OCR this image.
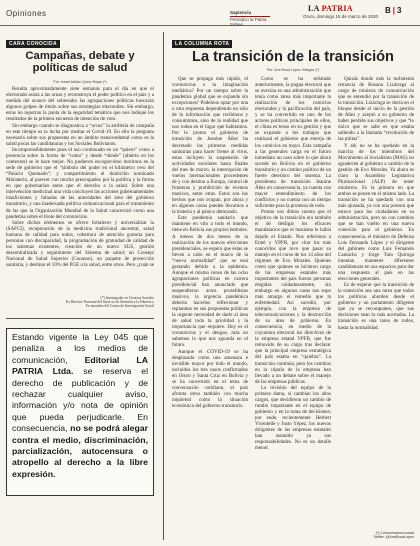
Opiniones	Sapiencia
Periodico la Patria Sabes
LA PATRIA
Oruro, domingo 15 de marzo de 2020
B | 3
CARA CONOCIDA
Campañas, debate y políticas de salud
Por: Israel Adrián Quino Rojas (*)

Resulta aproximadamente siete semanas para el día en que el electorado asista a las urnas y reconstruya el poder político en el país y a medida del avance del sobresalto las agrupaciones políticas buscarán algunos golpes de timón sobre sus estrategias electorales. Sin embargo, estas no reportan la pauta de la seguridad temática que nos indique los resultados de la primera encuesta de intención de voto.

Sin embargo cuando se diagnostica a “orcus” la artillería de campaña en este tiempo es la lucha por mediar el Covid-19. En ello la pregunta necesaria sobre sus propuestas en un ámbito transcendental como es la salud pocas las candidaturas y los Sociales Bolivianos.

Incomprensiblemente pues el uso continuado en un “quiero” como a presencia sobre la forma de “como” y desde “dónde” (abierto en los contextos) se le hace mejor. No pudieron escogercómo morimos en la sede de gobierno que el “símbolo del poder en el kilómetro cero del “Palacio Quemado”; y compartimiento el domicilio nominado Ministerio, al parecer con mucho preocupados por la política y la forma en que gobernarían antes que el derecho a la salud. Sobre una intervención medicinal una vida concluyen las acciones gubernamentales insuficientes y faltadas de las autoridades del área del gobierno transitorio, y una inadecuada política comunicacional para el tratamiento de las que la Organización Mundial de la Salud caracterizó como una pandemia sobre el brote del coronavirus.

Sobre dichos elementos se ofrece fortalecer y universalizar la (SAFCI), recuperación de la medicina tradicional ancestral, salud humana de calidad para todos, cobertura de atención gratuita para personas con discapacidad, la programación de gratuidad de calidad de los sistemas existentes, creación de un nuevo SUS, gestión descentralizada y seguimiento del Sistema de salud; un Consejo Nacional de Salud Superior (Conasso), un paquete de protección sanitaria, y destinar el 10% del PGE a la salud, entre otros. Pero ¿cuán se

(*) Investigador en Ciencias Sociales
Ex Director Nacional del Servicio de Atención a la Pobreza y
Ex miembro del Centro de Investigación Social

Estando vigente la Ley 045 que penaliza a los medios de comunicación, Editorial LA PATRIA Ltda. se reserva el derecho de publicación y de rechazar cualquier aviso, información y/o nota de opinión que pueda perjudicarle. En consecuencia, no se podrá alegar contra el medio, discriminación, parcialización, autocensura o atropello al derecho a la libre expresión.

LA COLUMNA ROTA
La transición de la transición
Por: Ana Rosa López Villegas (*)

Que se propaga más rápido, el coronavirus o la imaginación mediática? Por un tiempo sobre la pandemia global que se expande sin excepciones? Podemos optar por una u otra respuesta dependiendo no sólo de la información que recibimos y consumimos, sino de la realidad que nos rodea en el lugar que habitamos. Por lo pronto el gobierno de transición de Jeanine Áñez ha decretado las primeras medidas sanitarias para hacer frente al virus, estas incluyen la suspensión de actividades escolares hasta finales del mes de marzo, la interrupción de vuelos internacionales procedentes de y con destino a Europa, control de fronteras y prohibición de eventos masivos, entre otras. Estos son los hechos que nos ocupan, por ahora y en algunos casos pueden llevarnos a la histeria y al pánico demorado.

Este pandemia sanitario que mantiene en vilo a todo el mundo, tiene en Bolivia sus propios bemoles. A menos de dos meses de la realización de los nuevos elecciones presidenciales, se espera que éstas se lleven a cabo en el marco de la “nueva normalidad” que se está gestando debido a la epidemia. Aunque el mismo censo de las ocho agrupaciones políticas en carrera presidencial han anunciado que suspendieron actos proselitistas masivos, la urgencia pandémica debería hacerles reflexionar y replantear en sus propuestas políticas la urgente necesidad de darle al área de salud toda la prioridad y la importancia que requiere. Hoy es el coronavirus y el dengue, más no sabemos lo que nos aguarda en el futuro.

Aunque el COVID-19 se ha desplazado como una amenaza e invisible mayor por todo el mundo, incluidos los tres casos confirmados en Oruro y Santa Cruz en Bolivia y se ha convertido en el tema de conversación cotidiano, el país afronta otros también con mucha inquietud como la situación económica del gobierno transitorio.

Como se ha señalado anteriormente, la pugna electoral que se avecina es una administración que tenía como tarea más importante la realización de los comicios electorales y la pacificación del país, y se ha convertido en uno de los actores políticos principales de ellos, el clima es tenso en su gestión y que se expande a los trabajos que realizará el gobierno que emerja de los comicios en mayo. Esta campaña a las generales carga en el futuro inmediato un caso sobre lo que ahora sucede en Bolivia en el gobierno transitorio y un camino político de un fuerte deterioro del sistema. La presidenta de transición Jeanine Áñez en consecuencia, ya cuenta con mayor entendimiento de los conflictos y no cuenta con un tiempo suficiente para la promesa de todo.

Pronto nos dimos cuenta que el objetivo de la transición era también el de desligar los eficaces mandatarios que el masismo le había dejado el Estado. Nos referimos a Entel y YPFB, por citar los más conocidos que tuvo que pasar su manejo en el curso de los 14 años del régimen de Evo Morales. Quienes creen que quienes se hicieron cargo de las empresas estatales más importantes del país fueron personas elegidas cuidadosamente, sin embargo en algunos casos nos supo más amargo el remedio que la enfermedad. Así sucedió, por ejemplo, con la empresa de telecomunicaciones y la destrucción de su área de gobierno. En consecuencia, en medio de la coyuntura electoral los directivos de la empresa estatal YPFB, que fue removido de su cargo tras declarar que la principal empresa estratégica del país estaba en “quiebra”. La transición continúa, pero los cambios en la cúpula de la empresa han llevado a un debate sobre el manejo de las empresas públicas.

La revisión del equipo de la primera dama, si cambian los altos cargos, que decidieron un cambio de rumbo importante en el equipo de gobierno y en la toma de decisiones; por ende, recientemente Herbert Vicentelle y Justo Yépez, los nuevos dirigentes de las empresas estatales han asumido ya sus responsabilidades. No es un detalle menor.

Quizás donde más la turbulenta renuncia de Rosana Lizárraga al cargo de ministra de comunicación que se entendió por la transición de la transición. Lizárraga se decía en el bloque desde el inicio de la gestión de Añez y aceptó a su gobierno de haber perdido sus objetivos y que “lo único que se sabe es que estaba saliendo a la llamada “revolución de las pititas”.

Y ahí no se ha quedado en la marcha de los miembros del Movimiento al Socialismo (MAS) no agradecen al gobierno a cambio de la gestión de Evo Morales. Ya ahora es claro la Asamblea Legislativa Plurinacional (ALP) de tener ministros. Es la primera en que ambos se ponen en el mismo lado. La transición se ha quedado con una más ajustada, ya con una postura que estuvo para los ciudadanos en su administración, pero no con cambios que se han vuelto en una nueva conexión para el gobierno. En consecuencia, el ministro de Defensa Luis Fernando López y el dirigente del gabinete como Luis Fernando Camacho y Jorge Tuto Quiroga intentan mantener diferentes candidaturas en sus espacios para dar una respuesta al país en las elecciones generales.

Es de esperar que la transición de la transición sea una tarea que todos los políticos aborden desde el gobierno y un parlamento diligente que ya se recomponen, que sus decisiones sean lo más acertadas. La transición es una tarea de todos, hasta la normalidad.

(*) Comunicadora social
Twitter: @AnaRosaLopez
